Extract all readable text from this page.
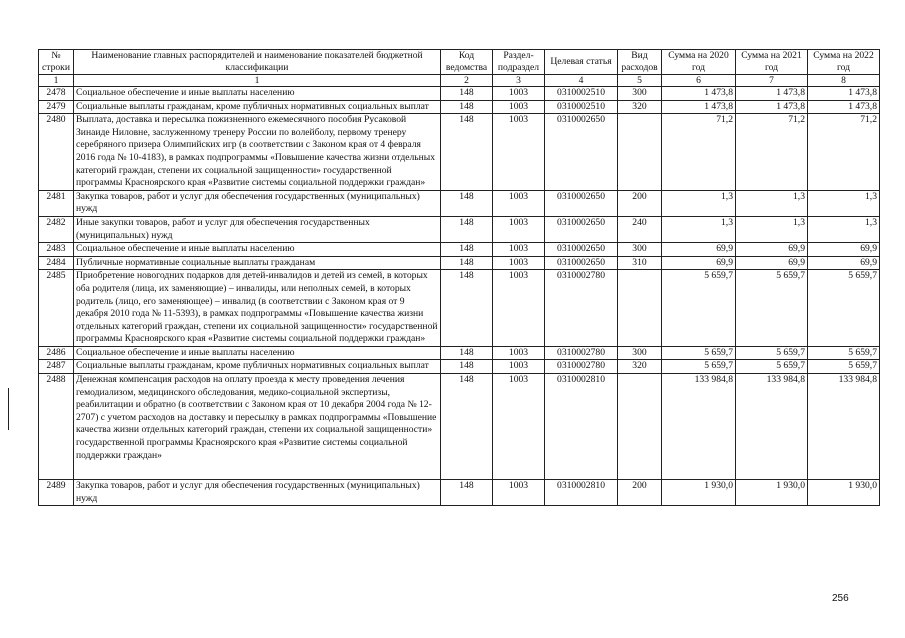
№ строки	Наименование главных распорядителей и наименование показателей бюджетной классификации	Код ведомства	Раздел-подраздел	Целевая статья	Вид расходов	Сумма на 2020 год	Сумма на 2021 год	Сумма на 2022 год
1	1	2	3	4	5	6	7	8
2478	Социальное обеспечение и иные выплаты населению	148	1003	0310002510	300	1 473,8	1 473,8	1 473,8
2479	Социальные выплаты гражданам, кроме публичных нормативных социальных выплат	148	1003	0310002510	320	1 473,8	1 473,8	1 473,8
2480	Выплата, доставка и пересылка пожизненного ежемесячного пособия Русаковой Зинаиде Ниловне, заслуженному тренеру России по волейболу, первому тренеру серебряного призера Олимпийских игр (в соответствии с Законом края от 4 февраля 2016 года № 10-4183), в рамках подпрограммы «Повышение качества жизни отдельных категорий граждан, степени их социальной защищенности» государственной программы Красноярского края «Развитие системы социальной поддержки граждан»	148	1003	0310002650		71,2	71,2	71,2
2481	Закупка товаров, работ и услуг для обеспечения государственных (муниципальных) нужд	148	1003	0310002650	200	1,3	1,3	1,3
2482	Иные закупки товаров, работ и услуг для обеспечения государственных (муниципальных) нужд	148	1003	0310002650	240	1,3	1,3	1,3
2483	Социальное обеспечение и иные выплаты населению	148	1003	0310002650	300	69,9	69,9	69,9
2484	Публичные нормативные социальные выплаты гражданам	148	1003	0310002650	310	69,9	69,9	69,9
2485	Приобретение новогодних подарков для детей-инвалидов и детей из семей, в которых оба родителя (лица, их заменяющие) – инвалиды, или неполных семей, в которых родитель (лицо, его заменяющее) – инвалид (в соответствии с Законом края от 9 декабря 2010 года № 11-5393), в рамках подпрограммы «Повышение качества жизни отдельных категорий граждан, степени их социальной защищенности» государственной программы Красноярского края «Развитие системы социальной поддержки граждан»	148	1003	0310002780		5 659,7	5 659,7	5 659,7
2486	Социальное обеспечение и иные выплаты населению	148	1003	0310002780	300	5 659,7	5 659,7	5 659,7
2487	Социальные выплаты гражданам, кроме публичных нормативных социальных выплат	148	1003	0310002780	320	5 659,7	5 659,7	5 659,7
2488	Денежная компенсация расходов на оплату проезда к месту проведения лечения гемодиализом, медицинского обследования, медико-социальной экспертизы, реабилитации и обратно (в соответствии с Законом края от 10 декабря 2004 года № 12-2707) с учетом расходов на доставку и пересылку в рамках подпрограммы «Повышение качества жизни отдельных категорий граждан, степени их социальной защищенности» государственной программы Красноярского края «Развитие системы социальной поддержки граждан»	148	1003	0310002810		133 984,8	133 984,8	133 984,8
2489	Закупка товаров, работ и услуг для обеспечения государственных (муниципальных) нужд	148	1003	0310002810	200	1 930,0	1 930,0	1 930,0
256
